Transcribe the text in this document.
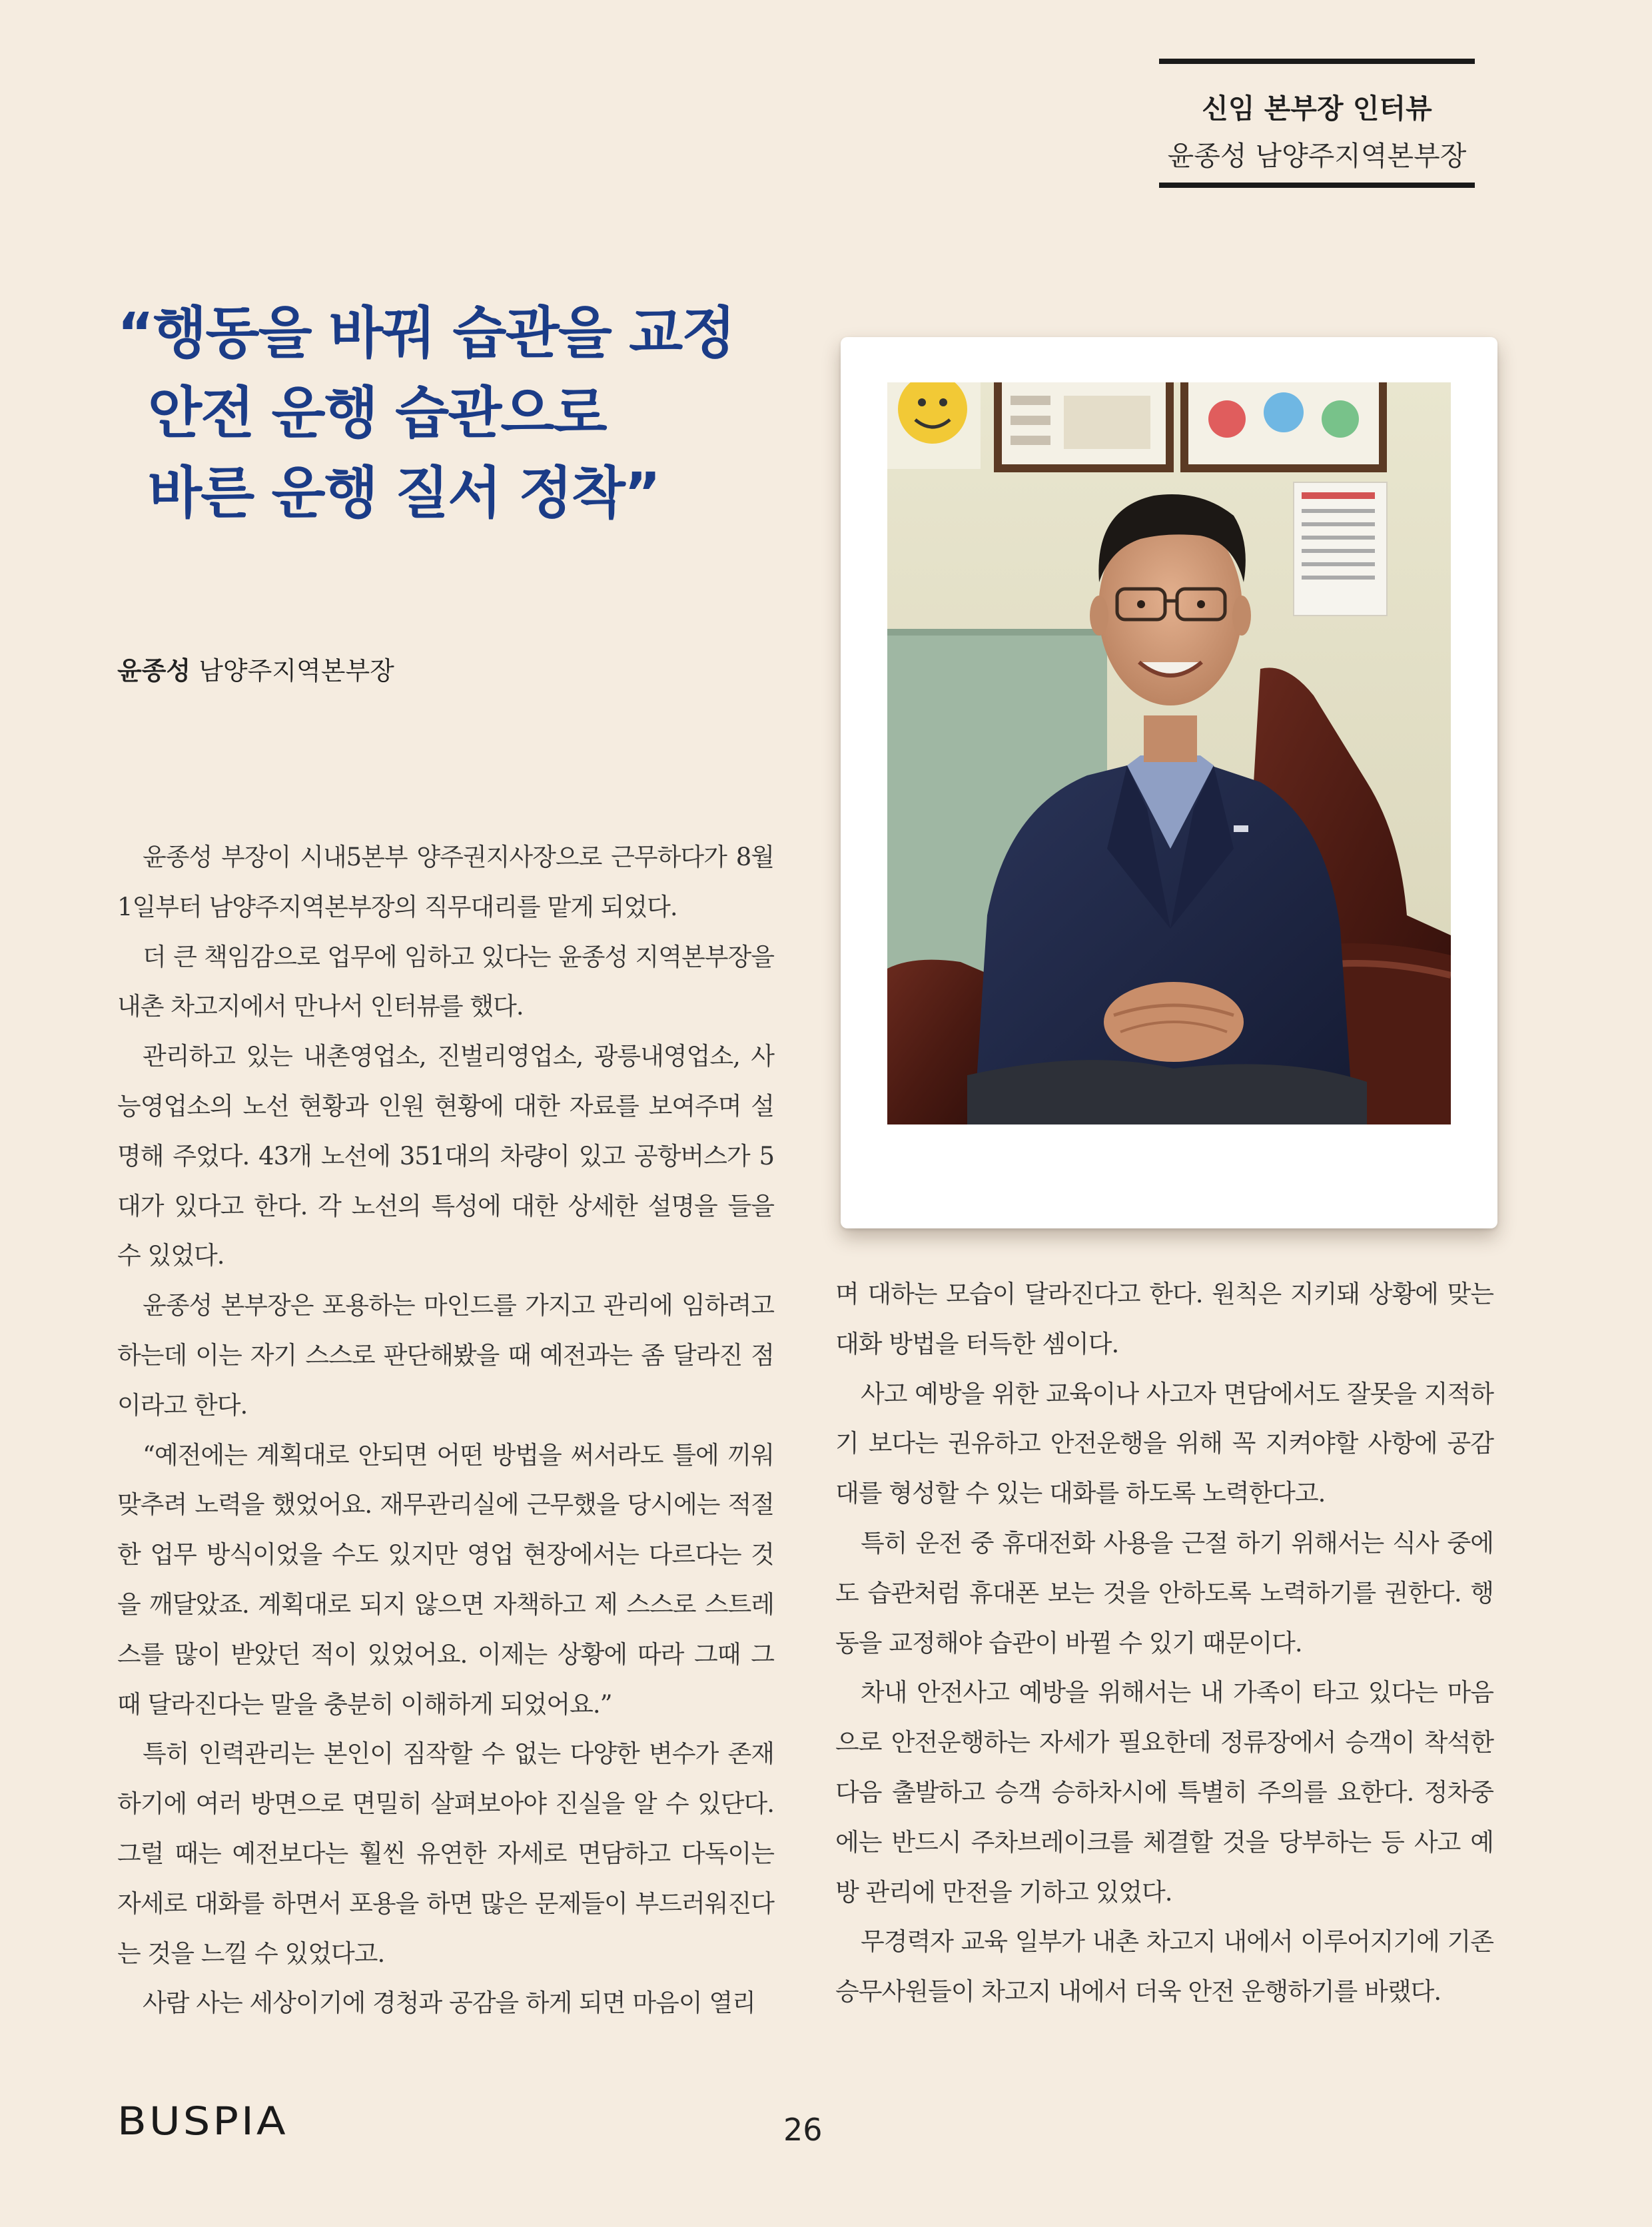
신임 본부장 인터뷰
윤종성 남양주지역본부장
“행동을 바꿔 습관을 교정
안전 운행 습관으로
바른 운행 질서 정착”
윤종성 남양주지역본부장

윤종성 부장이 시내5본부 양주권지사장으로 근무하다가 8월 1일부터 남양주지역본부장의 직무대리를 맡게 되었다.

더 큰 책임감으로 업무에 임하고 있다는 윤종성 지역본부장을 내촌 차고지에서 만나서 인터뷰를 했다.

관리하고 있는 내촌영업소, 진벌리영업소, 광릉내영업소, 사능영업소의 노선 현황과 인원 현황에 대한 자료를 보여주며 설명해 주었다. 43개 노선에 351대의 차량이 있고 공항버스가 5대가 있다고 한다. 각 노선의 특성에 대한 상세한 설명을 들을 수 있었다.

윤종성 본부장은 포용하는 마인드를 가지고 관리에 임하려고 하는데 이는 자기 스스로 판단해봤을 때 예전과는 좀 달라진 점이라고 한다.

“예전에는 계획대로 안되면 어떤 방법을 써서라도 틀에 끼워 맞추려 노력을 했었어요. 재무관리실에 근무했을 당시에는 적절한 업무 방식이었을 수도 있지만 영업 현장에서는 다르다는 것을 깨달았죠. 계획대로 되지 않으면 자책하고 제 스스로 스트레스를 많이 받았던 적이 있었어요. 이제는 상황에 따라 그때 그 때 달라진다는 말을 충분히 이해하게 되었어요.”

특히 인력관리는 본인이 짐작할 수 없는 다양한 변수가 존재하기에 여러 방면으로 면밀히 살펴보아야 진실을 알 수 있단다. 그럴 때는 예전보다는 훨씬 유연한 자세로 면담하고 다독이는 자세로 대화를 하면서 포용을 하면 많은 문제들이 부드러워진다는 것을 느낄 수 있었다고.

사람 사는 세상이기에 경청과 공감을 하게 되면 마음이 열리

며 대하는 모습이 달라진다고 한다. 원칙은 지키돼 상황에 맞는 대화 방법을 터득한 셈이다.

사고 예방을 위한 교육이나 사고자 면담에서도 잘못을 지적하기 보다는 권유하고 안전운행을 위해 꼭 지켜야할 사항에 공감대를 형성할 수 있는 대화를 하도록 노력한다고.

특히 운전 중 휴대전화 사용을 근절 하기 위해서는 식사 중에도 습관처럼 휴대폰 보는 것을 안하도록 노력하기를 권한다. 행동을 교정해야 습관이 바뀔 수 있기 때문이다.

차내 안전사고 예방을 위해서는 내 가족이 타고 있다는 마음으로 안전운행하는 자세가 필요한데 정류장에서 승객이 착석한 다음 출발하고 승객 승하차시에 특별히 주의를 요한다. 정차중에는 반드시 주차브레이크를 체결할 것을 당부하는 등 사고 예방 관리에 만전을 기하고 있었다.

무경력자 교육 일부가 내촌 차고지 내에서 이루어지기에 기존 승무사원들이 차고지 내에서 더욱 안전 운행하기를 바랬다.

BUSPIA	26
